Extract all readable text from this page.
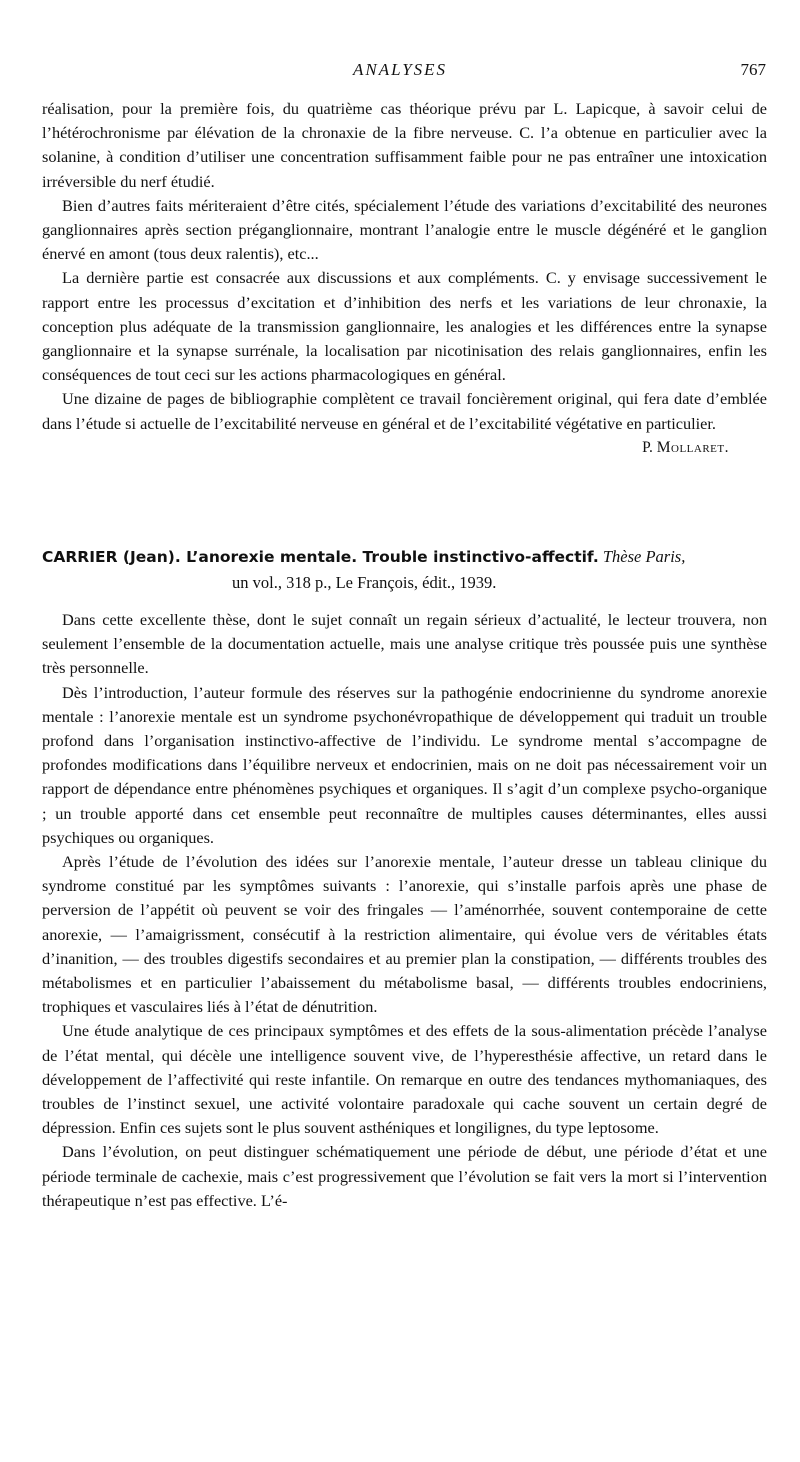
ANALYSES	767

réalisation, pour la première fois, du quatrième cas théorique prévu par L. Lapicque, à savoir celui de l’hétérochronisme par élévation de la chronaxie de la fibre nerveuse. C. l’a obtenue en particulier avec la solanine, à condition d’utiliser une concentration suffisamment faible pour ne pas entraîner une intoxication irréversible du nerf étudié.

Bien d’autres faits mériteraient d’être cités, spécialement l’étude des variations d’excitabilité des neurones ganglionnaires après section préganglionnaire, montrant l’analogie entre le muscle dégénéré et le ganglion énervé en amont (tous deux ralentis), etc...

La dernière partie est consacrée aux discussions et aux compléments. C. y envisage successivement le rapport entre les processus d’excitation et d’inhibition des nerfs et les variations de leur chronaxie, la conception plus adéquate de la transmission ganglionnaire, les analogies et les différences entre la synapse ganglionnaire et la synapse surrénale, la localisation par nicotinisation des relais ganglionnaires, enfin les conséquences de tout ceci sur les actions pharmacologiques en général.

Une dizaine de pages de bibliographie complètent ce travail foncièrement original, qui fera date d’emblée dans l’étude si actuelle de l’excitabilité nerveuse en général et de l’excitabilité végétative en particulier.

P. Mollaret.
CARRIER (Jean). L’anorexie mentale. Trouble instinctivo-affectif. Thèse Paris,
un vol., 318 p., Le François, édit., 1939.

Dans cette excellente thèse, dont le sujet connaît un regain sérieux d’actualité, le lecteur trouvera, non seulement l’ensemble de la documentation actuelle, mais une analyse critique très poussée puis une synthèse très personnelle.

Dès l’introduction, l’auteur formule des réserves sur la pathogénie endocrinienne du syndrome anorexie mentale : l’anorexie mentale est un syndrome psychonévropathique de développement qui traduit un trouble profond dans l’organisation instinctivo-affective de l’individu. Le syndrome mental s’accompagne de profondes modifications dans l’équilibre nerveux et endocrinien, mais on ne doit pas nécessairement voir un rapport de dépendance entre phénomènes psychiques et organiques. Il s’agit d’un complexe psycho-organique ; un trouble apporté dans cet ensemble peut reconnaître de multiples causes déterminantes, elles aussi psychiques ou organiques.

Après l’étude de l’évolution des idées sur l’anorexie mentale, l’auteur dresse un tableau clinique du syndrome constitué par les symptômes suivants : l’anorexie, qui s’installe parfois après une phase de perversion de l’appétit où peuvent se voir des fringales — l’aménorrhée, souvent contemporaine de cette anorexie, — l’amaigrissment, consécutif à la restriction alimentaire, qui évolue vers de véritables états d’inanition, — des troubles digestifs secondaires et au premier plan la constipation, — différents troubles des métabolismes et en particulier l’abaissement du métabolisme basal, — différents troubles endocriniens, trophiques et vasculaires liés à l’état de dénutrition.

Une étude analytique de ces principaux symptômes et des effets de la sous-alimentation précède l’analyse de l’état mental, qui décèle une intelligence souvent vive, de l’hyperesthésie affective, un retard dans le développement de l’affectivité qui reste infantile. On remarque en outre des tendances mythomaniaques, des troubles de l’instinct sexuel, une activité volontaire paradoxale qui cache souvent un certain degré de dépression. Enfin ces sujets sont le plus souvent asthéniques et longilignes, du type leptosome.

Dans l’évolution, on peut distinguer schématiquement une période de début, une période d’état et une période terminale de cachexie, mais c’est progressivement que l’évolution se fait vers la mort si l’intervention thérapeutique n’est pas effective. L’é-
